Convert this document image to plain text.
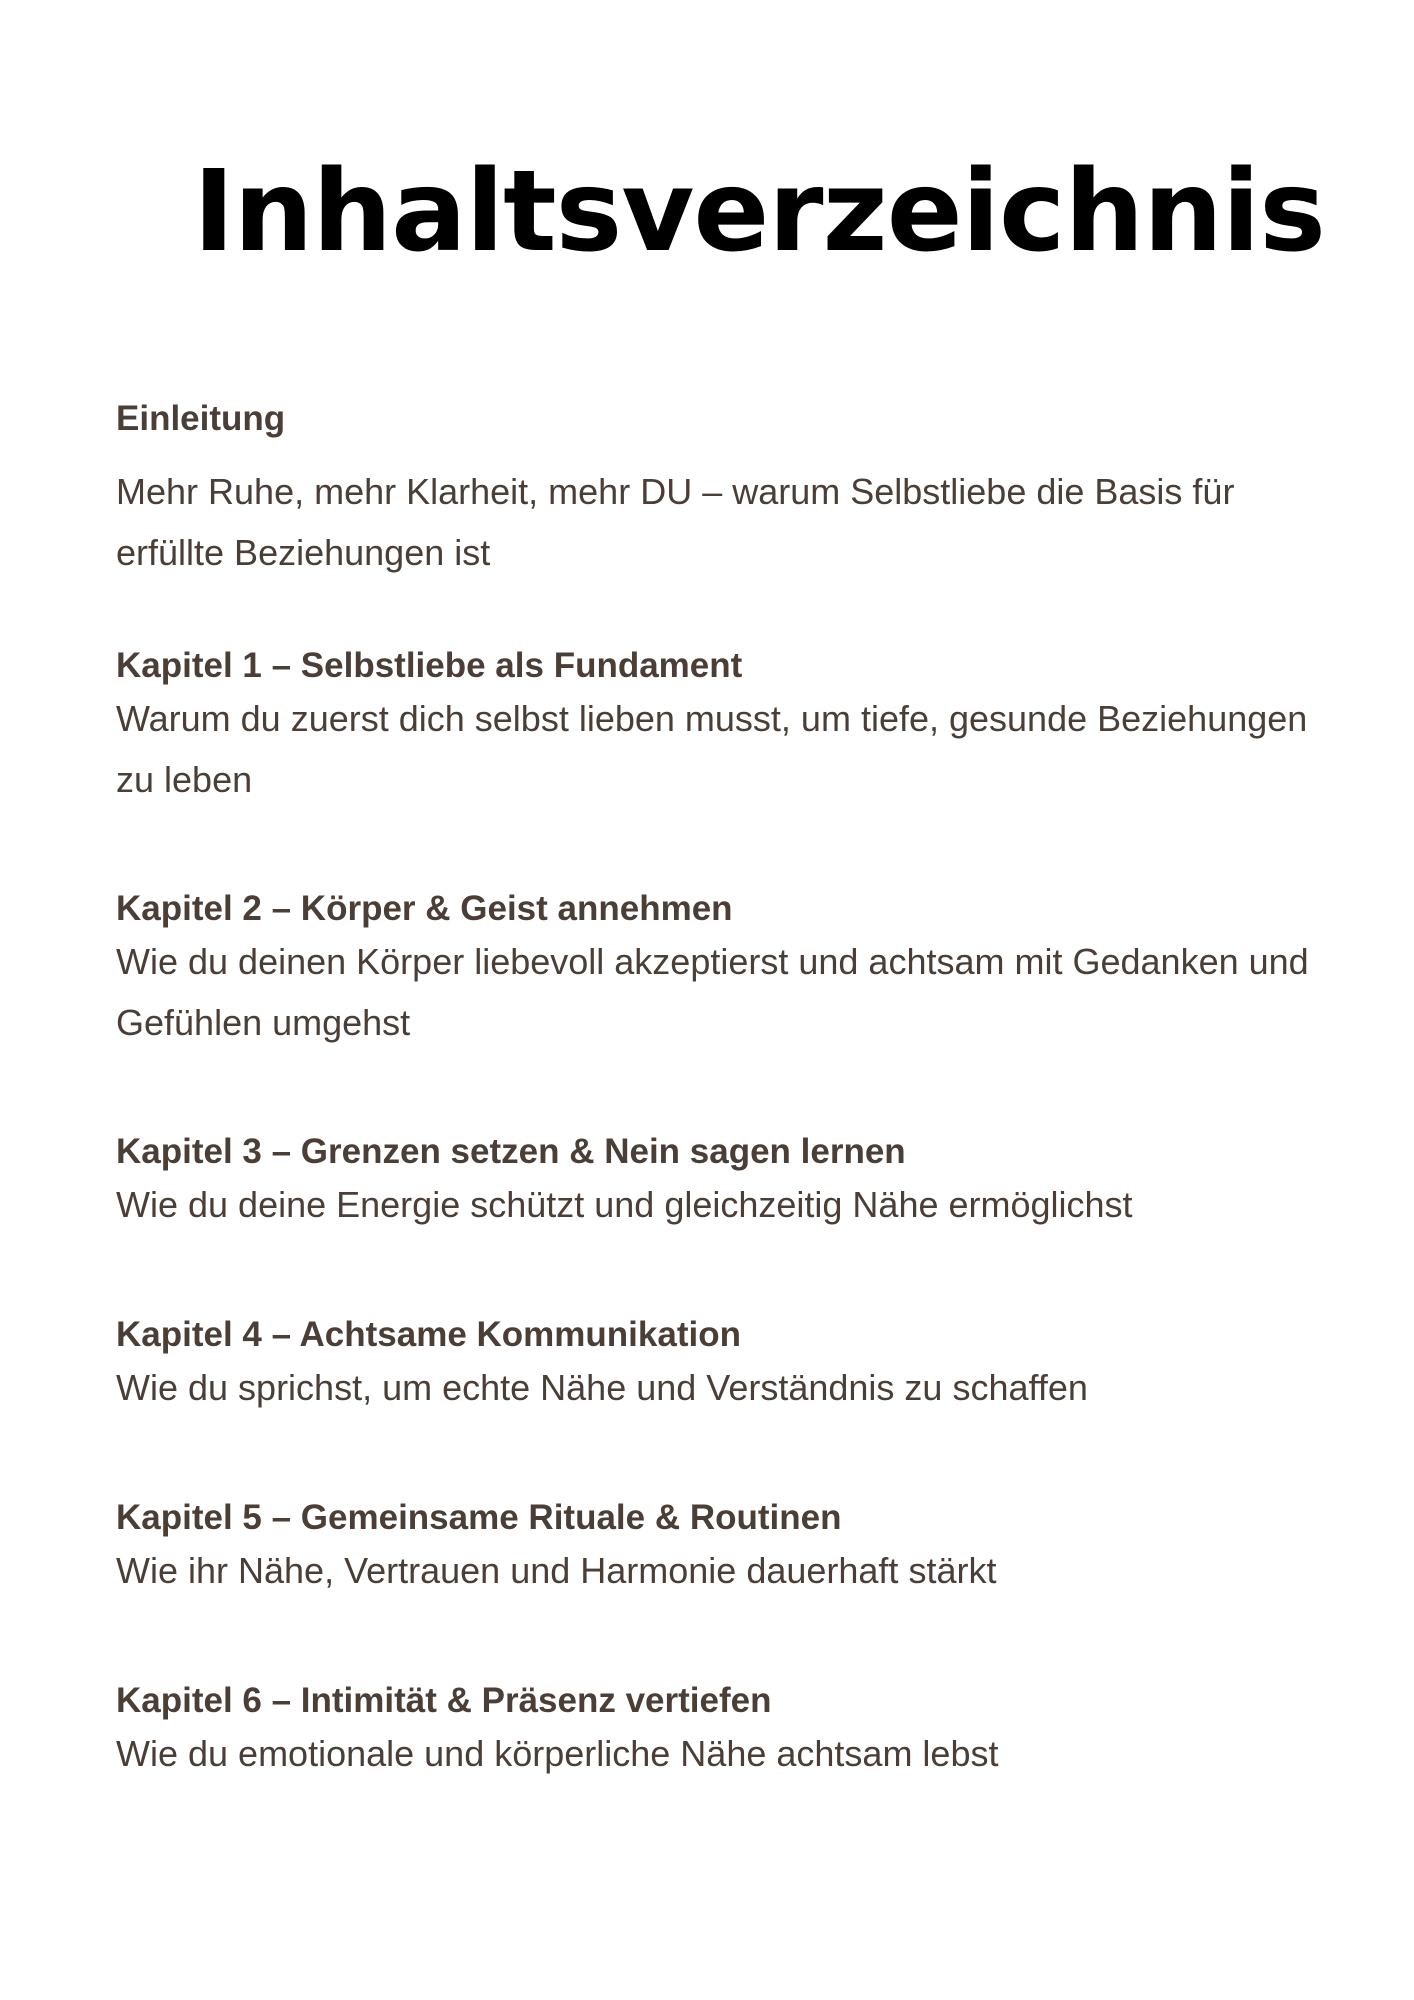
Inhaltsverzeichnis
Einleitung
Mehr Ruhe, mehr Klarheit, mehr DU – warum Selbstliebe die Basis für erfüllte Beziehungen ist
Kapitel 1 – Selbstliebe als Fundament
Warum du zuerst dich selbst lieben musst, um tiefe, gesunde Beziehungen zu leben
Kapitel 2 – Körper & Geist annehmen
Wie du deinen Körper liebevoll akzeptierst und achtsam mit Gedanken und Gefühlen umgehst
Kapitel 3 – Grenzen setzen & Nein sagen lernen
Wie du deine Energie schützt und gleichzeitig Nähe ermöglichst
Kapitel 4 – Achtsame Kommunikation
Wie du sprichst, um echte Nähe und Verständnis zu schaffen
Kapitel 5 – Gemeinsame Rituale & Routinen
Wie ihr Nähe, Vertrauen und Harmonie dauerhaft stärkt
Kapitel 6 – Intimität & Präsenz vertiefen
Wie du emotionale und körperliche Nähe achtsam lebst
